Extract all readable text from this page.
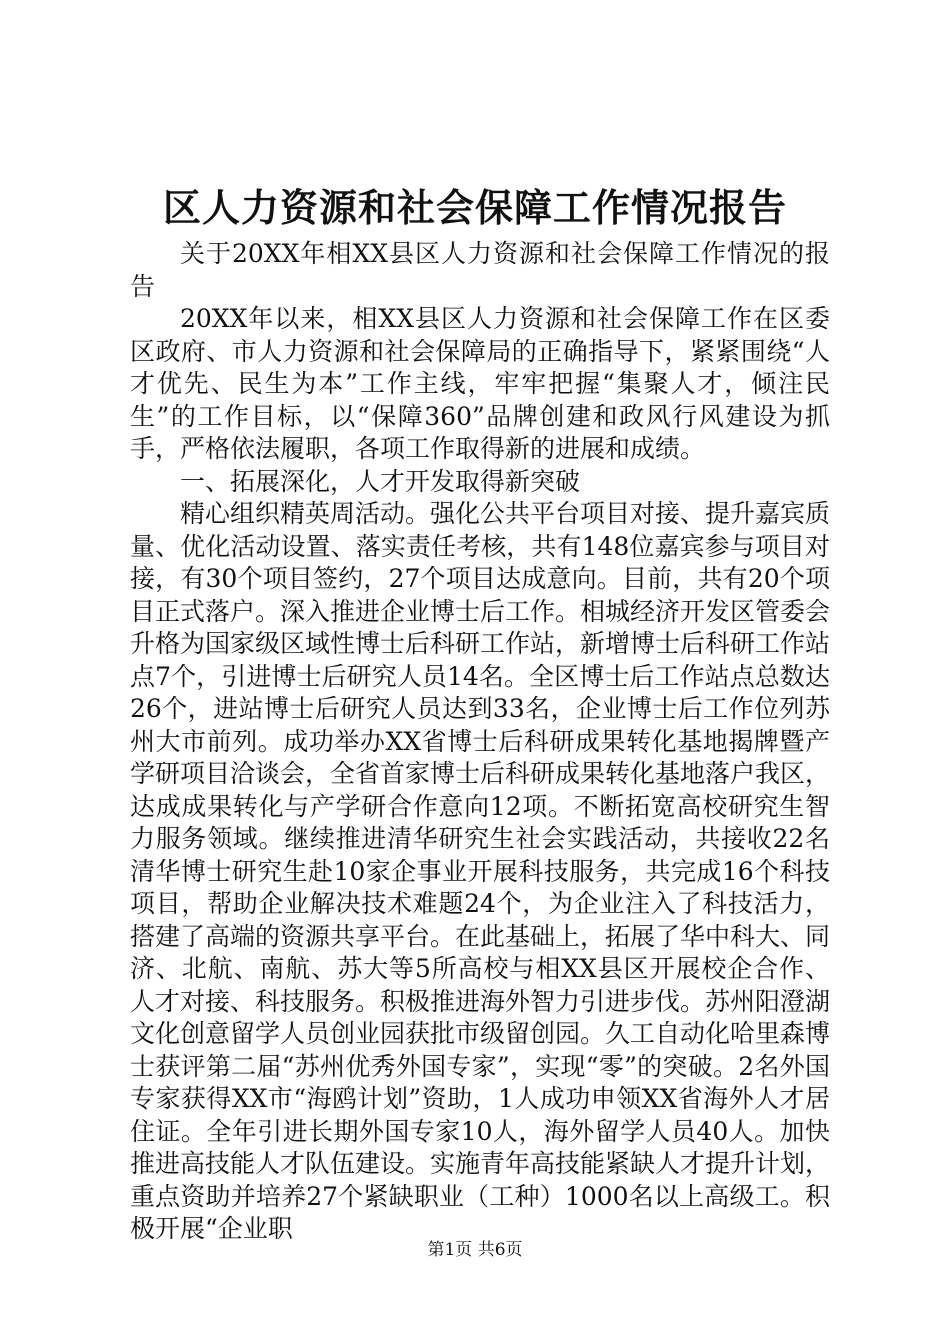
区人力资源和社会保障工作情况报告

关于20XX年相XX县区人力资源和社会保障工作情况的报告

20XX年以来，相XX县区人力资源和社会保障工作在区委区政府、市人力资源和社会保障局的正确指导下，紧紧围绕“人才优先、民生为本”工作主线，牢牢把握“集聚人才，倾注民生”的工作目标，以“保障360”品牌创建和政风行风建设为抓手，严格依法履职，各项工作取得新的进展和成绩。

一、拓展深化，人才开发取得新突破

精心组织精英周活动。强化公共平台项目对接、提升嘉宾质量、优化活动设置、落实责任考核，共有148位嘉宾参与项目对接，有30个项目签约，27个项目达成意向。目前，共有20个项目正式落户。深入推进企业博士后工作。相城经济开发区管委会升格为国家级区域性博士后科研工作站，新增博士后科研工作站点7个，引进博士后研究人员14名。全区博士后工作站点总数达26个，进站博士后研究人员达到33名，企业博士后工作位列苏州大市前列。成功举办XX省博士后科研成果转化基地揭牌暨产学研项目洽谈会，全省首家博士后科研成果转化基地落户我区，达成成果转化与产学研合作意向12项。不断拓宽高校研究生智力服务领域。继续推进清华研究生社会实践活动，共接收22名清华博士研究生赴10家企事业开展科技服务，共完成16个科技项目，帮助企业解决技术难题24个，为企业注入了科技活力，搭建了高端的资源共享平台。在此基础上，拓展了华中科大、同济、北航、南航、苏大等5所高校与相XX县区开展校企合作、人才对接、科技服务。积极推进海外智力引进步伐。苏州阳澄湖文化创意留学人员创业园获批市级留创园。久工自动化哈里森博士获评第二届“苏州优秀外国专家”，实现“零”的突破。2名外国专家获得XX市“海鸥计划”资助，1人成功申领XX省海外人才居住证。全年引进长期外国专家10人，海外留学人员40人。加快推进高技能人才队伍建设。实施青年高技能紧缺人才提升计划，重点资助并培养27个紧缺职业（工种）1000名以上高级工。积极开展“企业职

第1页 共6页
